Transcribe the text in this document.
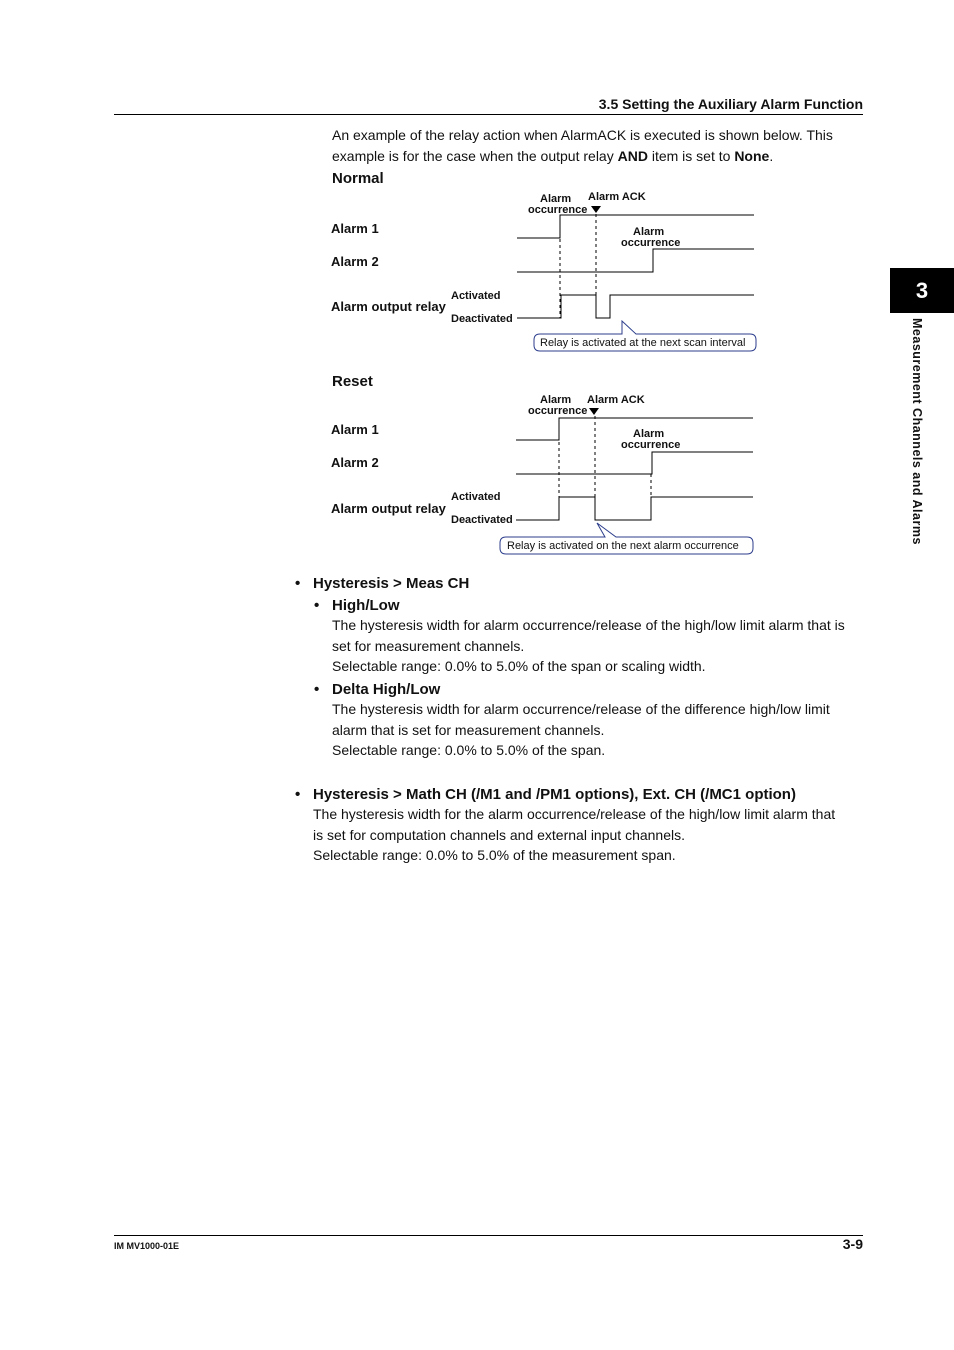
3.5 Setting the Auxiliary Alarm Function
An example of the relay action when AlarmACK is executed is shown below. This example is for the case when the output relay AND item is set to None.
Normal
Alarm
occurrence
Alarm ACK
Alarm
occurrence
Activated
Deactivated
Alarm 1
Alarm 2
Alarm output relay
Relay is activated at the next scan interval
Reset
Alarm
occurrence
Alarm ACK
Alarm
occurrence
Activated
Deactivated
Alarm 1
Alarm 2
Alarm output relay
Relay is activated on the next alarm occurrence
• Hysteresis > Meas CH
• High/Low
The hysteresis width for alarm occurrence/release of the high/low limit alarm that is
set for measurement channels.
Selectable range: 0.0% to 5.0% of the span or scaling width.
• Delta High/Low
The hysteresis width for alarm occurrence/release of the difference high/low limit
alarm that is set for measurement channels.
Selectable range: 0.0% to 5.0% of the span.
• Hysteresis > Math CH (/M1 and /PM1 options), Ext. CH (/MC1 option)
The hysteresis width for the alarm occurrence/release of the high/low limit alarm that
is set for computation channels and external input channels.
Selectable range: 0.0% to 5.0% of the measurement span.
3
Measurement Channels and Alarms
IM MV1000-01E	3-9
